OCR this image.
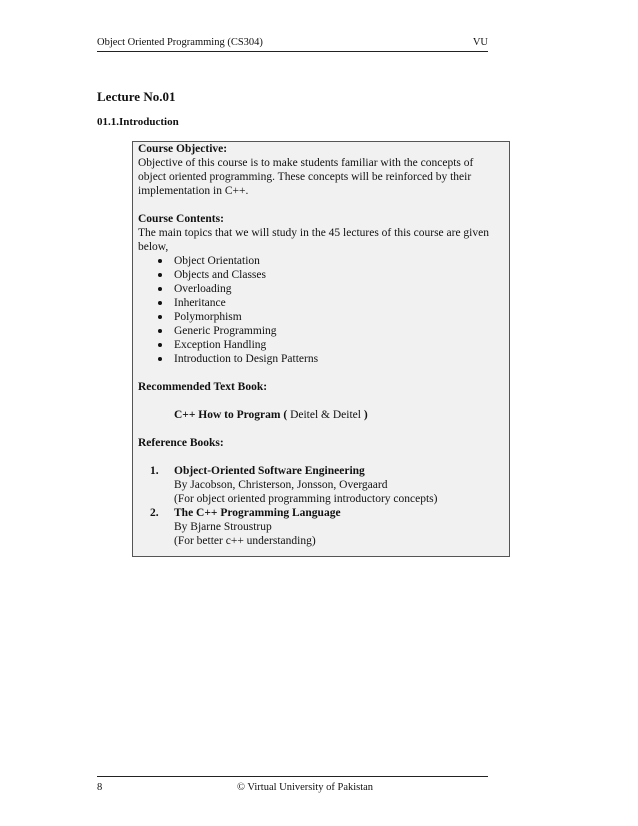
Object Oriented Programming (CS304)	VU
Lecture No.01
01.1.Introduction

Course Objective:

Objective of this course is to make students familiar with the concepts of object oriented programming. These concepts will be reinforced by their implementation in C++.

Course Contents:

The main topics that we will study in the 45 lectures of this course are given below,

Object Orientation
Objects and Classes
Overloading
Inheritance
Polymorphism
Generic Programming
Exception Handling
Introduction to Design Patterns

Recommended Text Book:

C++ How to Program ( Deitel & Deitel )

Reference Books:

1. Object-Oriented Software Engineering
By Jacobson, Christerson, Jonsson, Overgaard
(For object oriented programming introductory concepts)
2. The C++ Programming Language
By Bjarne Stroustrup
(For better c++ understanding)
8	© Virtual University of Pakistan
